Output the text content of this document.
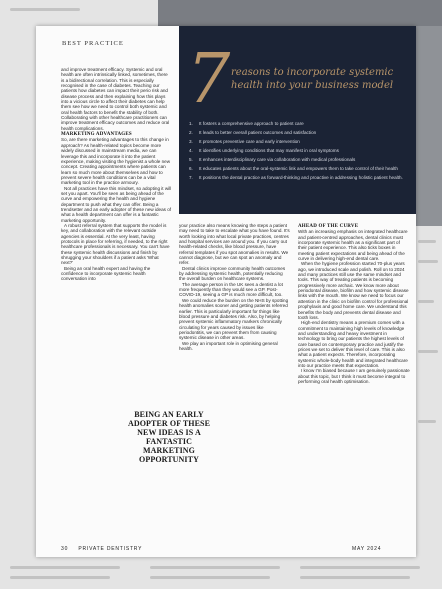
BEST PRACTICE 7 reasons to incorporate systemic health into your business model
1. It fosters a comprehensive approach to patient care
2. It leads to better overall patient outcomes and satisfaction
3. It promotes preventive care and early intervention
4. It identifies underlying conditions that may manifest in oral symptoms
5. It enhances interdisciplinary care via collaboration with medical professionals
6. It educates patients about the oral-systemic link and empowers them to take control of their health
7. It positions the dental practice as forward-thinking and proactive in addressing holistic patient health.

and improve treatment efficacy. Systemic and oral health are often intrinsically linked, sometimes, there is a bidirectional correlation. This is especially recognised in the case of diabetes. Teaching our patients how diabetes can impact their perio risk and disease process and then explaining how this plays into a vicious circle to affect their diabetes can help them see how we need to control both systemic and oral health factors to benefit the stability of both. Collaborating with other healthcare practitioners can improve treatment efficacy outcomes and reduce oral health complications.

MARKETING ADVANTAGES

So, are there marketing advantages to this change in approach? As health-related topics become more widely discussed in mainstream media, we can leverage this and incorporate it into the patient experience, making visiting the hygienist a whole new concept. Creating appointments where patients can learn so much more about themselves and how to prevent severe health conditions can be a vital marketing tool in the practice armoury.

Not all practices have this mindset, so adopting it will set you apart. You'll be seen as being ahead of the curve and empowering the health and hygiene department to push what they can offer. Being a trendsetter and an early adopter of these new ideas of what a health department can offer is a fantastic marketing opportunity.

A robust referral system that supports the model is key, and collaboration with the relevant outside agencies is essential. At the very least, having protocols in place for referring, if needed, to the right healthcare professionals is necessary. You can't have these systemic health discussions and finish by shrugging your shoulders if a patient asks 'What next?'

Being an oral health expert and having the confidence to incorporate systemic health conversation into

your practice also means knowing the steps a patient may need to take to escalate what you have found. It's worth looking into what local private practices, centres and hospital services are around you. If you carry out health-related checks, like blood pressure, have referral templates if you spot anomalies in results. We cannot diagnose, but we can spot an anomaly and refer.

Dental clinics improve community health outcomes by addressing systemic health, potentially reducing the overall burden on healthcare systems.

The average person in the UK sees a dentist a lot more frequently than they would see a GP. Post-COVID-19, seeing a GP is much more difficult, too.

We could reduce the burden on the NHS by spotting health anomalies sooner and getting patients referred earlier. This is particularly important for things like blood pressure and diabetes risk. Also, by helping prevent systemic inflammatory markers chronically circulating for years caused by issues like periodontitis, we can prevent them from causing systemic disease in other areas.

We play an important role in optimising general health.

AHEAD OF THE CURVE

With an increasing emphasis on integrated healthcare and patient-centred approaches, dental clinics must incorporate systemic health as a significant part of their patient experience. This also ticks boxes in meeting patient expectations and being ahead of the curve in delivering high-end dental care.

When the hygiene profession started 70-plus years ago, we introduced scale and polish. Roll on to 2024 and many practices still use the same mindset and tools. This way of treating patients is becoming progressively more archaic. We know more about periodontal disease, biofilm and how systemic disease links with the mouth. We know we need to focus our attention in the clinic on biofilm control for professional prophylaxis and good home care. We understand this benefits the body and prevents dental disease and tooth loss.

High-end dentistry means a premium comes with a commitment to maintaining high levels of knowledge and understanding and heavy investment in technology to bring our patients the highest levels of care based on contemporary practice and justify the prices we set to deliver this level of care. This is also what a patient expects. Therefore, incorporating systemic whole-body health and integrated healthcare into our practice meets that expectation.

I know I'm biased because I am genuinely passionate about this topic, but I think it must become integral to performing oral health optimisation.

BEING AN EARLY ADOPTER OF THESE NEW IDEAS IS A FANTASTIC MARKETING OPPORTUNITY
30 PRIVATE DENTISTRY	MAY 2024
